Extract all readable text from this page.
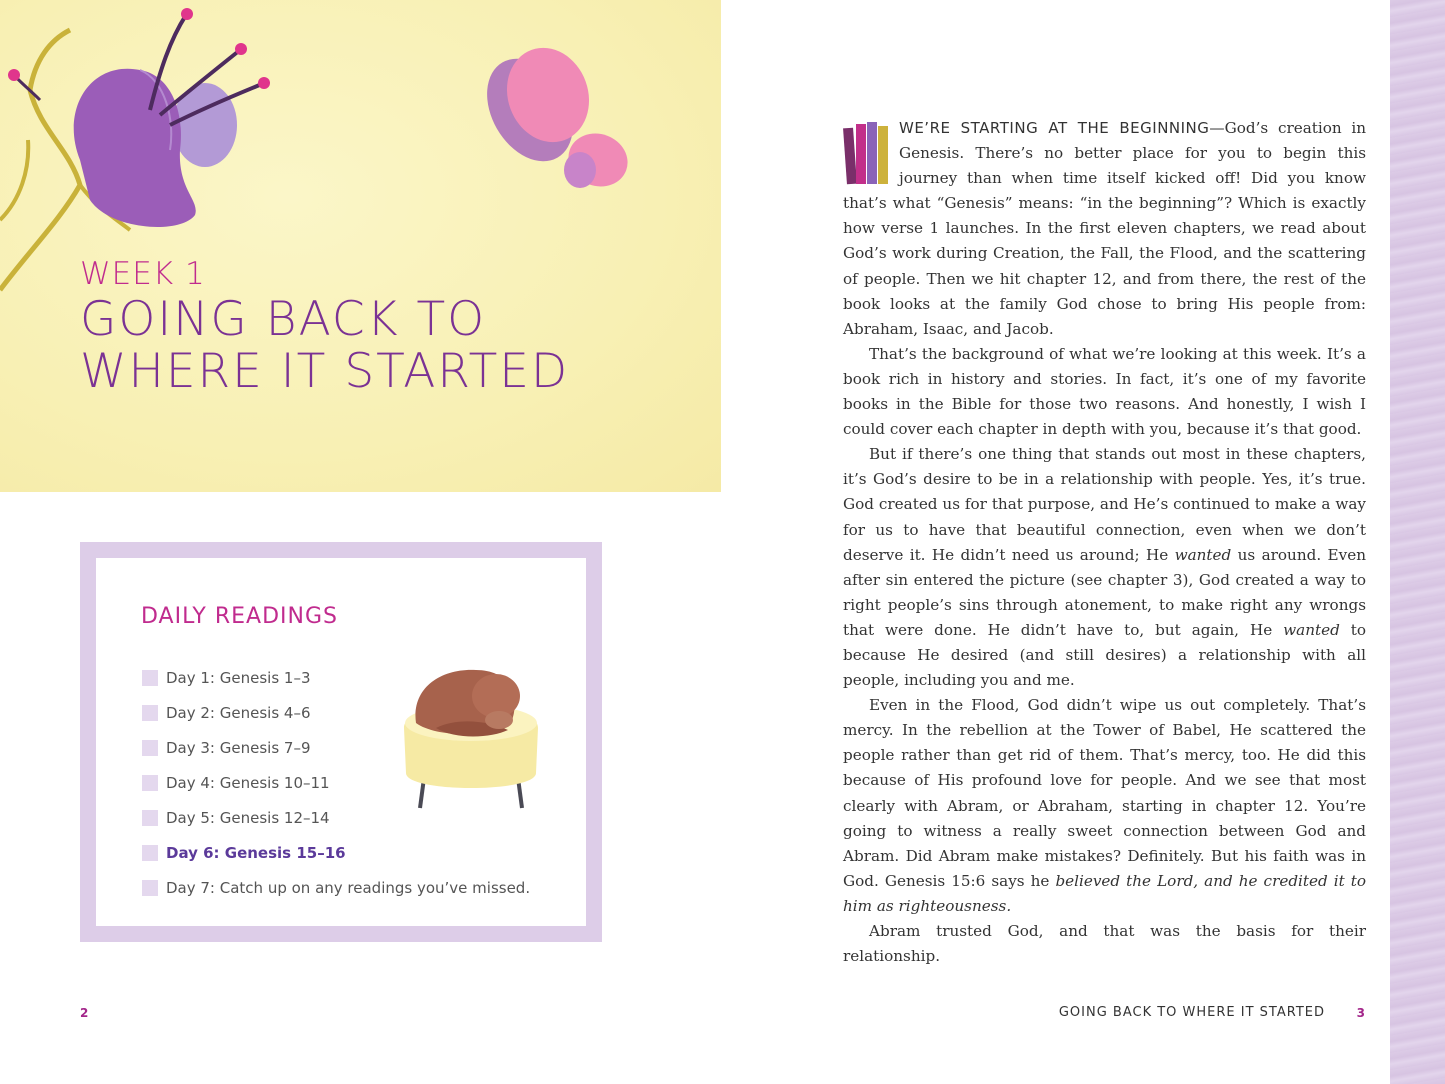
WEEK 1
GOING BACK TO
WHERE IT STARTED
DAILY READINGS
Day 1: Genesis 1–3
Day 2: Genesis 4–6
Day 3: Genesis 7–9
Day 4: Genesis 10–11
Day 5: Genesis 12–14
Day 6: Genesis 15–16
Day 7: Catch up on any readings you’ve missed.
2

WE’RE STARTING AT THE BEGINNING—God’s creation in Genesis. There’s no better place for you to begin this journey than when time itself kicked off! Did you know that’s what “Genesis” means: “in the beginning”? Which is exactly how verse 1 launches. In the first eleven chapters, we read about God’s work during Creation, the Fall, the Flood, and the scattering of people. Then we hit chapter 12, and from there, the rest of the book looks at the family God chose to bring His people from: Abraham, Isaac, and Jacob.

That’s the background of what we’re looking at this week. It’s a book rich in history and stories. In fact, it’s one of my favorite books in the Bible for those two reasons. And honestly, I wish I could cover each chapter in depth with you, because it’s that good.

But if there’s one thing that stands out most in these chapters, it’s God’s desire to be in a relationship with people. Yes, it’s true. God created us for that purpose, and He’s continued to make a way for us to have that beautiful connection, even when we don’t deserve it. He didn’t need us around; He wanted us around. Even after sin entered the picture (see chapter 3), God created a way to right people’s sins through atonement, to make right any wrongs that were done. He didn’t have to, but again, He wanted to because He desired (and still desires) a relationship with all people, including you and me.

Even in the Flood, God didn’t wipe us out completely. That’s mercy. In the rebellion at the Tower of Babel, He scattered the people rather than get rid of them. That’s mercy, too. He did this because of His profound love for people. And we see that most clearly with Abram, or Abraham, starting in chapter 12. You’re going to witness a really sweet connection between God and Abram. Did Abram make mistakes? Definitely. But his faith was in God. Genesis 15:6 says he believed the Lord, and he credited it to him as righteousness.

Abram trusted God, and that was the basis for their relationship.

GOING BACK TO WHERE IT STARTED	3
